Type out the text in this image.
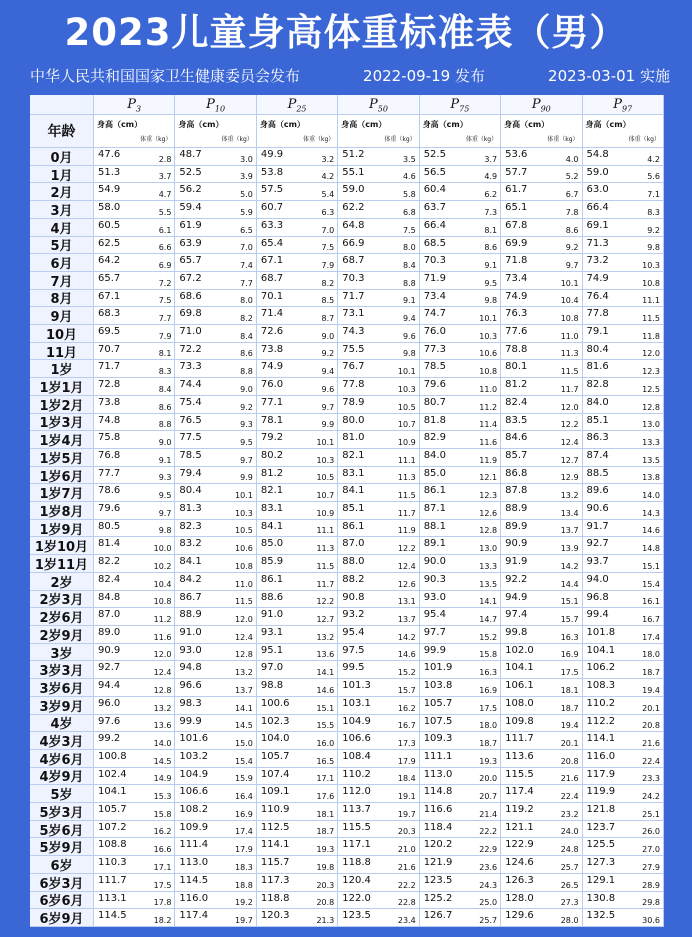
2023儿童身高体重标准表（男）
中华人民共和国国家卫生健康委员会发布	2022-09-19 发布	2023-03-01 实施
$P_3$	$P_{10}$	$P_{25}$	$P_{50}$	$P_{75}$	$P_{90}$	$P_{97}$
年龄	身高（cm）
体重（kg）
身高（cm）
体重（kg）
身高（cm）
体重（kg）
身高（cm）
体重（kg）
身高（cm）
体重（kg）
身高（cm）
体重（kg）
身高（cm）
体重（kg）
0月	47.6	2.8 48.7	3.0 49.9	3.2 51.2	3.5 52.5	3.7 53.6	4.0 54.8	4.2
1月	51.3	3.7 52.5	3.9 53.8	4.2 55.1	4.6 56.5	4.9 57.7	5.2 59.0	5.6
2月	54.9	4.7 56.2	5.0 57.5	5.4 59.0	5.8 60.4	6.2 61.7	6.7 63.0	7.1
3月	58.0	5.5 59.4	5.9 60.7	6.3 62.2	6.8 63.7	7.3 65.1	7.8 66.4	8.3
4月	60.5	6.1 61.9	6.5 63.3	7.0 64.8	7.5 66.4	8.1 67.8	8.6 69.1	9.2
5月	62.5	6.6 63.9	7.0 65.4	7.5 66.9	8.0 68.5	8.6 69.9	9.2 71.3	9.8
6月	64.2	6.9 65.7	7.4 67.1	7.9 68.7	8.4 70.3	9.1 71.8	9.7 73.2	10.3
7月	65.7	7.2 67.2	7.7 68.7	8.2 70.3	8.8 71.9	9.5 73.4	10.1 74.9	10.8
8月	67.1	7.5 68.6	8.0 70.1	8.5 71.7	9.1 73.4	9.8 74.9	10.4 76.4	11.1
9月	68.3	7.7 69.8	8.2 71.4	8.7 73.1	9.4 74.7	10.1 76.3	10.8 77.8	11.5
10月	69.5	7.9 71.0	8.4 72.6	9.0 74.3	9.6 76.0	10.3 77.6	11.0 79.1	11.8
11月	70.7	8.1 72.2	8.6 73.8	9.2 75.5	9.8 77.3	10.6 78.8	11.3 80.4	12.0
1岁	71.7	8.3 73.3	8.8 74.9	9.4 76.7	10.1 78.5	10.8 80.1	11.5 81.6	12.3
1岁1月	72.8	8.4 74.4	9.0 76.0	9.6 77.8	10.3 79.6	11.0 81.2	11.7 82.8	12.5
1岁2月	73.8	8.6 75.4	9.2 77.1	9.7 78.9	10.5 80.7	11.2 82.4	12.0 84.0	12.8
1岁3月	74.8	8.8 76.5	9.3 78.1	9.9 80.0	10.7 81.8	11.4 83.5	12.2 85.1	13.0
1岁4月	75.8	9.0 77.5	9.5 79.2	10.1 81.0	10.9 82.9	11.6 84.6	12.4 86.3	13.3
1岁5月	76.8	9.1 78.5	9.7 80.2	10.3 82.1	11.1 84.0	11.9 85.7	12.7 87.4	13.5
1岁6月	77.7	9.3 79.4	9.9 81.2	10.5 83.1	11.3 85.0	12.1 86.8	12.9 88.5	13.8
1岁7月	78.6	9.5 80.4	10.1 82.1	10.7 84.1	11.5 86.1	12.3 87.8	13.2 89.6	14.0
1岁8月	79.6	9.7 81.3	10.3 83.1	10.9 85.1	11.7 87.1	12.6 88.9	13.4 90.6	14.3
1岁9月	80.5	9.8 82.3	10.5 84.1	11.1 86.1	11.9 88.1	12.8 89.9	13.7 91.7	14.6
1岁10月 81.4	10.0 83.2	10.6 85.0	11.3 87.0	12.2 89.1	13.0 90.9	13.9 92.7	14.8
1岁11月 82.2	10.2 84.1	10.8 85.9	11.5 88.0	12.4 90.0	13.3 91.9	14.2 93.7	15.1
2岁	82.4	10.4 84.2	11.0 86.1	11.7 88.2	12.6 90.3	13.5 92.2	14.4 94.0	15.4
2岁3月	84.8	10.8 86.7	11.5 88.6	12.2 90.8	13.1 93.0	14.1 94.9	15.1 96.8	16.1
2岁6月	87.0	11.2 88.9	12.0 91.0	12.7 93.2	13.7 95.4	14.7 97.4	15.7 99.4	16.7
2岁9月	89.0	11.6 91.0	12.4 93.1	13.2 95.4	14.2 97.7	15.2 99.8	16.3 101.8	17.4
3岁	90.9	12.0 93.0	12.8 95.1	13.6 97.5	14.6 99.9	15.8 102.0	16.9 104.1	18.0
3岁3月	92.7	12.4 94.8	13.2 97.0	14.1 99.5	15.2 101.9	16.3 104.1	17.5 106.2	18.7
3岁6月	94.4	12.8 96.6	13.7 98.8	14.6 101.3	15.7 103.8	16.9 106.1	18.1 108.3	19.4
3岁9月	96.0	13.2 98.3	14.1 100.6	15.1 103.1	16.2 105.7	17.5 108.0	18.7 110.2	20.1
4岁	97.6	13.6 99.9	14.5 102.3	15.5 104.9	16.7 107.5	18.0 109.8	19.4 112.2	20.8
4岁3月	99.2	14.0 101.6	15.0 104.0	16.0 106.6	17.3 109.3	18.7 111.7	20.1 114.1	21.6
4岁6月	100.8	14.5 103.2	15.4 105.7	16.5 108.4	17.9 111.1	19.3 113.6	20.8 116.0	22.4
4岁9月	102.4	14.9 104.9	15.9 107.4	17.1 110.2	18.4 113.0	20.0 115.5	21.6 117.9	23.3
5岁	104.1	15.3 106.6	16.4 109.1	17.6 112.0	19.1 114.8	20.7 117.4	22.4 119.9	24.2
5岁3月	105.7	15.8 108.2	16.9 110.9	18.1 113.7	19.7 116.6	21.4 119.2	23.2 121.8	25.1
5岁6月	107.2	16.2 109.9	17.4 112.5	18.7 115.5	20.3 118.4	22.2 121.1	24.0 123.7	26.0
5岁9月	108.8	16.6 111.4	17.9 114.1	19.3 117.1	21.0 120.2	22.9 122.9	24.8 125.5	27.0
6岁	110.3	17.1 113.0	18.3 115.7	19.8 118.8	21.6 121.9	23.6 124.6	25.7 127.3	27.9
6岁3月	111.7	17.5 114.5	18.8 117.3	20.3 120.4	22.2 123.5	24.3 126.3	26.5 129.1	28.9
6岁6月	113.1	17.8 116.0	19.2 118.8	20.8 122.0	22.8 125.2	25.0 128.0	27.3 130.8	29.8
6岁9月	114.5	18.2 117.4	19.7 120.3	21.3 123.5	23.4 126.7	25.7 129.6	28.0 132.5	30.6
